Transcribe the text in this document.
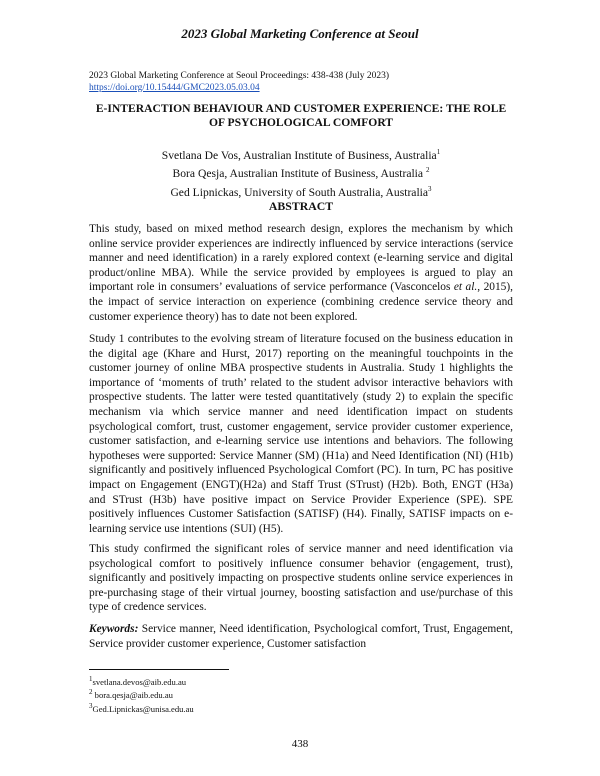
2023 Global Marketing Conference at Seoul
2023 Global Marketing Conference at Seoul Proceedings: 438-438 (July 2023)
https://doi.org/10.15444/GMC2023.05.03.04
E-INTERACTION BEHAVIOUR AND CUSTOMER EXPERIENCE: THE ROLE
OF PSYCHOLOGICAL COMFORT
Svetlana De Vos, Australian Institute of Business, Australia$^1$
Bora Qesja, Australian Institute of Business, Australia $^2$
Ged Lipnickas, University of South Australia, Australia$^3$
ABSTRACT

This study, based on mixed method research design, explores the mechanism by which online service provider experiences are indirectly influenced by service interactions (service manner and need identification) in a rarely explored context (e-learning service and digital product/online MBA). While the service provided by employees is argued to play an important role in consumers’ evaluations of service performance (Vasconcelos et al., 2015), the impact of service interaction on experience (combining credence service theory and customer experience theory) has to date not been explored.

Study 1 contributes to the evolving stream of literature focused on the business education in the digital age (Khare and Hurst, 2017) reporting on the meaningful touchpoints in the customer journey of online MBA prospective students in Australia. Study 1 highlights the importance of ‘moments of truth’ related to the student advisor interactive behaviors with prospective students. The latter were tested quantitatively (study 2) to explain the specific mechanism via which service manner and need identification impact on students psychological comfort, trust, customer engagement, service provider customer experience, customer satisfaction, and e-learning service use intentions and behaviors. The following hypotheses were supported: Service Manner (SM) (H1a) and Need Identification (NI) (H1b) significantly and positively influenced Psychological Comfort (PC). In turn, PC has positive impact on Engagement (ENGT)(H2a) and Staff Trust (STrust) (H2b). Both, ENGT (H3a) and STrust (H3b) have positive impact on Service Provider Experience (SPE). SPE positively influences Customer Satisfaction (SATISF) (H4). Finally, SATISF impacts on e-learning service use intentions (SUI) (H5).

This study confirmed the significant roles of service manner and need identification via psychological comfort to positively influence consumer behavior (engagement, trust), significantly and positively impacting on prospective students online service experiences in pre-purchasing stage of their virtual journey, boosting satisfaction and use/purchase of this type of credence services.

Keywords: Service manner, Need identification, Psychological comfort, Trust, Engagement, Service provider customer experience, Customer satisfaction

$^1$svetlana.devos@aib.edu.au
$^2$ bora.qesja@aib.edu.au
$^3$Ged.Lipnickas@unisa.edu.au
438
